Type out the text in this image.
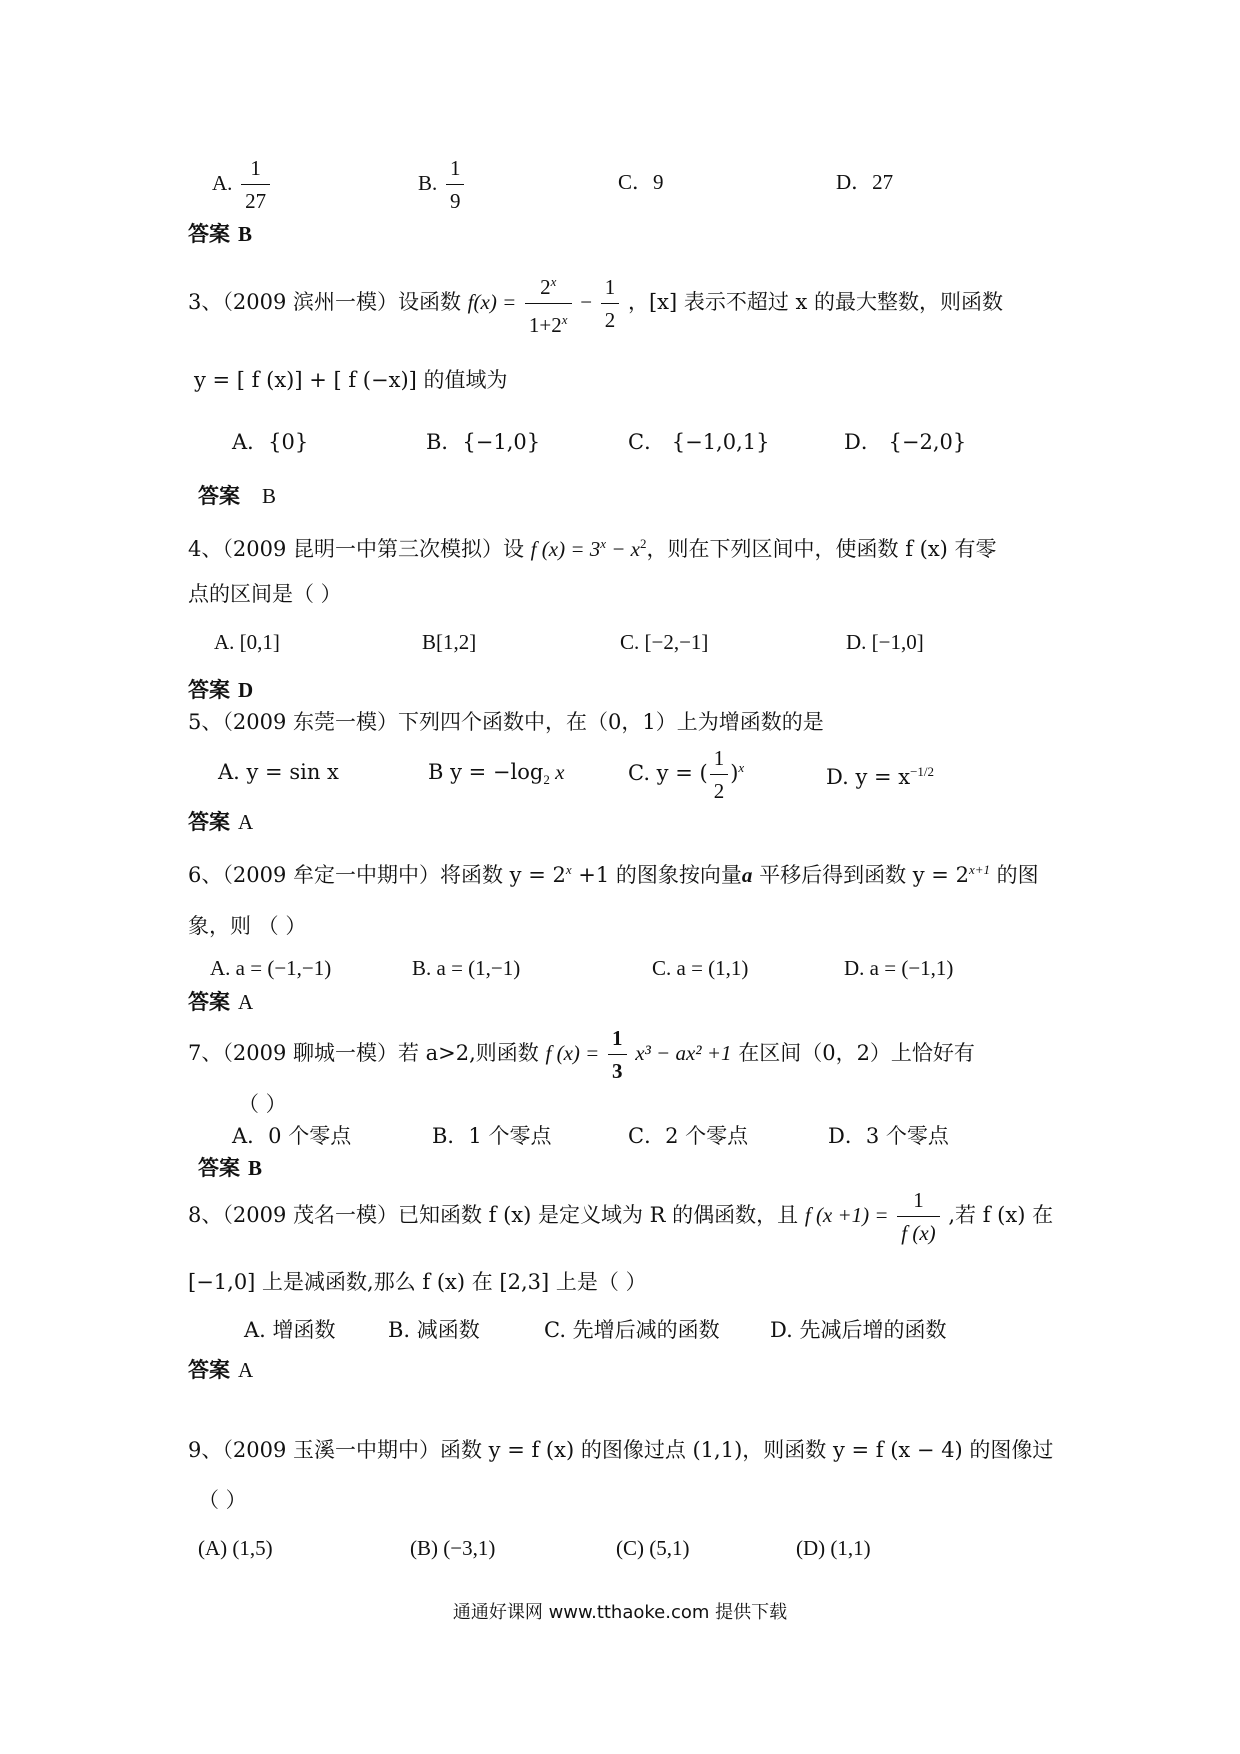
A. $\frac{1}{27}$	B. $\frac{1}{9}$	C．9	D．27
答案 B
3、（2009 滨州一模）设函数 $f(x) = \frac{2^x}{1+2^x} - \frac{1}{2}$ ，[x] 表示不超过 x 的最大整数，则函数
y = [ f (x)] + [ f (−x)] 的值域为
A．{0}	B．{−1,0}	C． {−1,0,1}	D． {−2,0}
答案 B
4、（2009 昆明一中第三次模拟）设 f $(x) = 3^x - x^2$，则在下列区间中，使函数 f (x) 有零
点的区间是（ ）
A. [0,1]	B[1,2]	C. [−2,−1]	D. [−1,0]
答案 D
5、（2009 东莞一模）下列四个函数中，在（0，1）上为增函数的是
A. y = sin x	B $y = -\log_2$ x	C. y = ( $\frac{1}{2} )^x$	D. $y = x^{-1/2}$
答案 A
6、（2009 牟定一中期中）将函数 $y = 2^x +1$ 的图象按向量a 平移后得到函数 $y = 2^{x+1}$ 的图
象，则 （ ）
A. a = (−1,−1)	B. a = (1,−1)	C. a = (1,1)	D. a = (−1,1)
答案 A
7、（2009 聊城一模）若 a>2,则函数 f $(x) = \frac{1}{3} x^3 - ax^2 +1$ 在区间（0，2）上恰好有
（ ）
A．0 个零点	B．1 个零点	C．2 个零点	D．3 个零点
答案 B
8、（2009 茂名一模）已知函数 f (x) 是定义域为 R 的偶函数，且 f $(x +1) = \frac{1}{f (x)}$ ,若 f (x) 在
[−1,0] 上是减函数,那么 f (x) 在 [2,3] 上是（ ）
A. 增函数 B. 减函数	C. 先增后减的函数 D. 先减后增的函数
答案 A
9、（2009 玉溪一中期中）函数 y = f (x) 的图像过点 (1,1)，则函数 y = f (x − 4) 的图像过
（ ）
(A) (1,5)	(B) (−3,1)	(C) (5,1)	(D) (1,1)
通通好课网 www.tthaoke.com 提供下载
